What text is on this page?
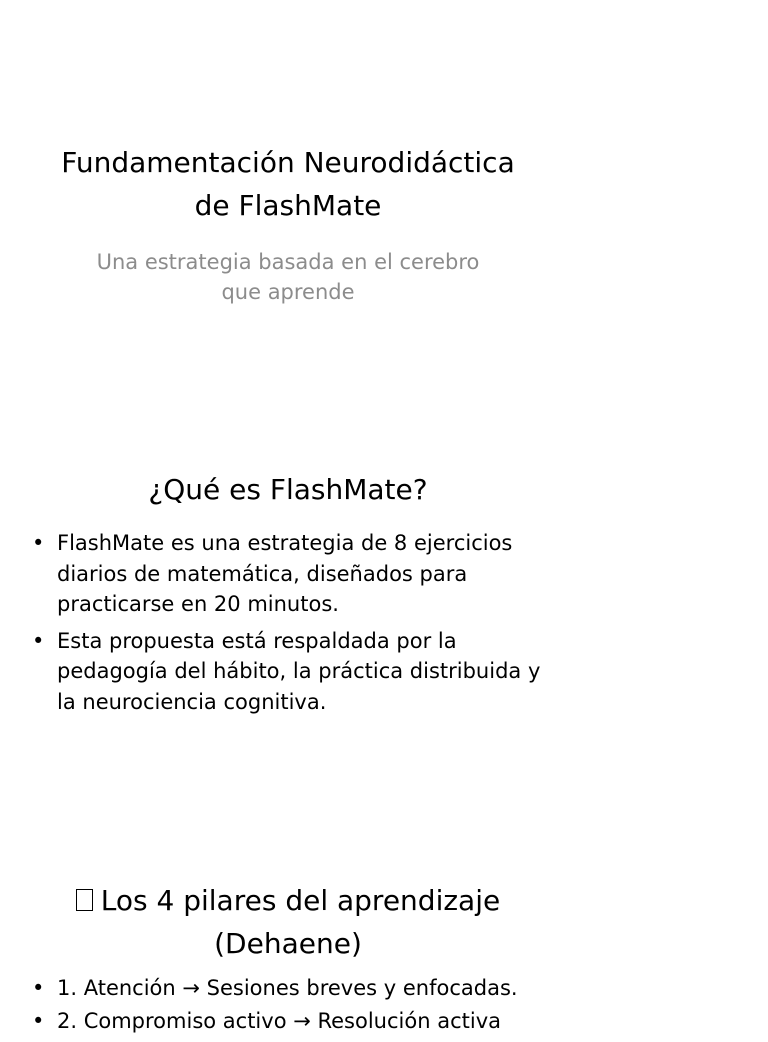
Fundamentación Neurodidáctica
de FlashMate

Una estrategia basada en el cerebro
que aprende

¿Qué es FlashMate?
• FlashMate es una estrategia de 8 ejercicios
diarios de matemática, diseñados para
practicarse en 20 minutos.
• Esta propuesta está respaldada por la
pedagogía del hábito, la práctica distribuida y
la neurociencia cognitiva.
Los 4 pilares del aprendizaje
(Dehaene)
• 1. Atención → Sesiones breves y enfocadas.
• 2. Compromiso activo → Resolución activa
